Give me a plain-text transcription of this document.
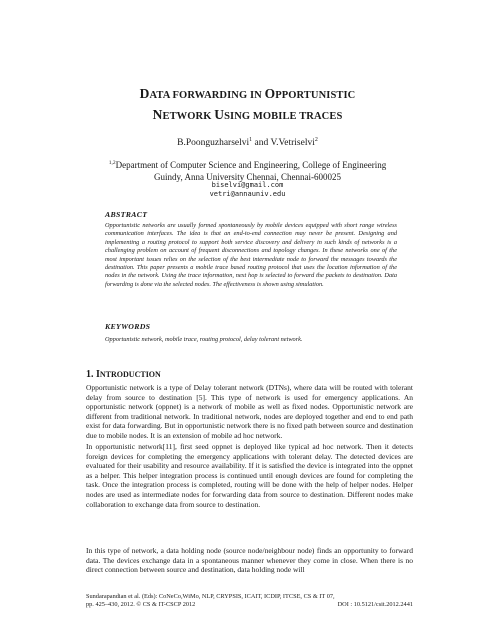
DATA FORWARDING IN OPPORTUNISTIC
NETWORK USING MOBILE TRACES
B.Poonguzharselvi$^1$ and V.Vetriselvi$^2$
$^{1,2}$Department of Computer Science and Engineering, College of Engineering
Guindy, Anna University Chennai, Chennai-600025
biselvi@gmail.com
vetri@annauniv.edu
ABSTRACT
Opportunistic networks are usually formed spontaneously by mobile devices equipped with short range wireless communication interfaces. The idea is that an end-to-end connection may never be present. Designing and implementing a routing protocol to support both service discovery and delivery in such kinds of networks is a challenging problem on account of frequent disconnections and topology changes. In these networks one of the most important issues relies on the selection of the best intermediate node to forward the messages towards the destination. This paper presents a mobile trace based routing protocol that uses the location information of the nodes in the network. Using the trace information, next hop is selected to forward the packets to destination. Data forwarding is done via the selected nodes. The effectiveness is shown using simulation.
KEYWORDS
Opportunistic network, mobile trace, routing protocol, delay tolerant network.
1. INTRODUCTION
Opportunistic network is a type of Delay tolerant network (DTNs), where data will be routed with tolerant delay from source to destination [5]. This type of network is used for emergency applications. An opportunistic network (oppnet) is a network of mobile as well as fixed nodes. Opportunistic network are different from traditional network. In traditional network, nodes are deployed together and end to end path exist for data forwarding. But in opportunistic network there is no fixed path between source and destination due to mobile nodes. It is an extension of mobile ad hoc network.
In opportunistic network[11], first seed oppnet is deployed like typical ad hoc network. Then it detects foreign devices for completing the emergency applications with tolerant delay. The detected devices are evaluated for their usability and resource availability. If it is satisfied the device is integrated into the oppnet as a helper. This helper integration process is continued until enough devices are found for completing the task. Once the integration process is completed, routing will be done with the help of helper nodes. Helper nodes are used as intermediate nodes for forwarding data from source to destination. Different nodes make collaboration to exchange data from source to destination.
In this type of network, a data holding node (source node/neighbour node) finds an opportunity to forward data. The devices exchange data in a spontaneous manner whenever they come in close. When there is no direct connection between source and destination, data holding node will
Sundarapandian et al. (Eds): CoNeCo,WiMo, NLP, CRYPSIS, ICAIT, ICDIP, ITCSE, CS & IT 07,
pp. 425–430, 2012. © CS & IT-CSCP 2012	DOI : 10.5121/csit.2012.2441
